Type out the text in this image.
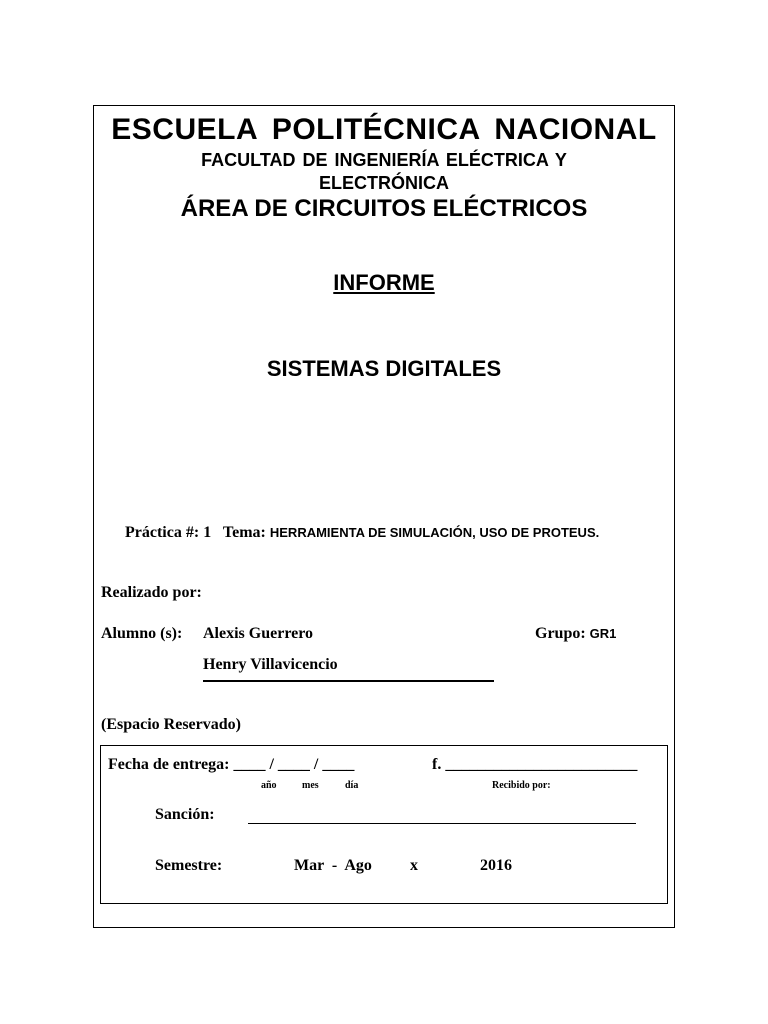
ESCUELA POLITÉCNICA NACIONAL
FACULTAD DE INGENIERÍA ELÉCTRICA Y
ELECTRÓNICA
ÁREA DE CIRCUITOS ELÉCTRICOS
INFORME
SISTEMAS DIGITALES
Práctica #: 1 Tema: HERRAMIENTA DE SIMULACIÓN, USO DE PROTEUS.
Realizado por:
Alumno (s): Alexis Guerrero	Grupo: GR1
Henry Villavicencio
(Espacio Reservado)
Fecha de entrega: ____ / ____ / ____	f. ________________________
año	mes	día	Recibido por:
Sanción:
Semestre:	Mar  -  Ago x	2016
